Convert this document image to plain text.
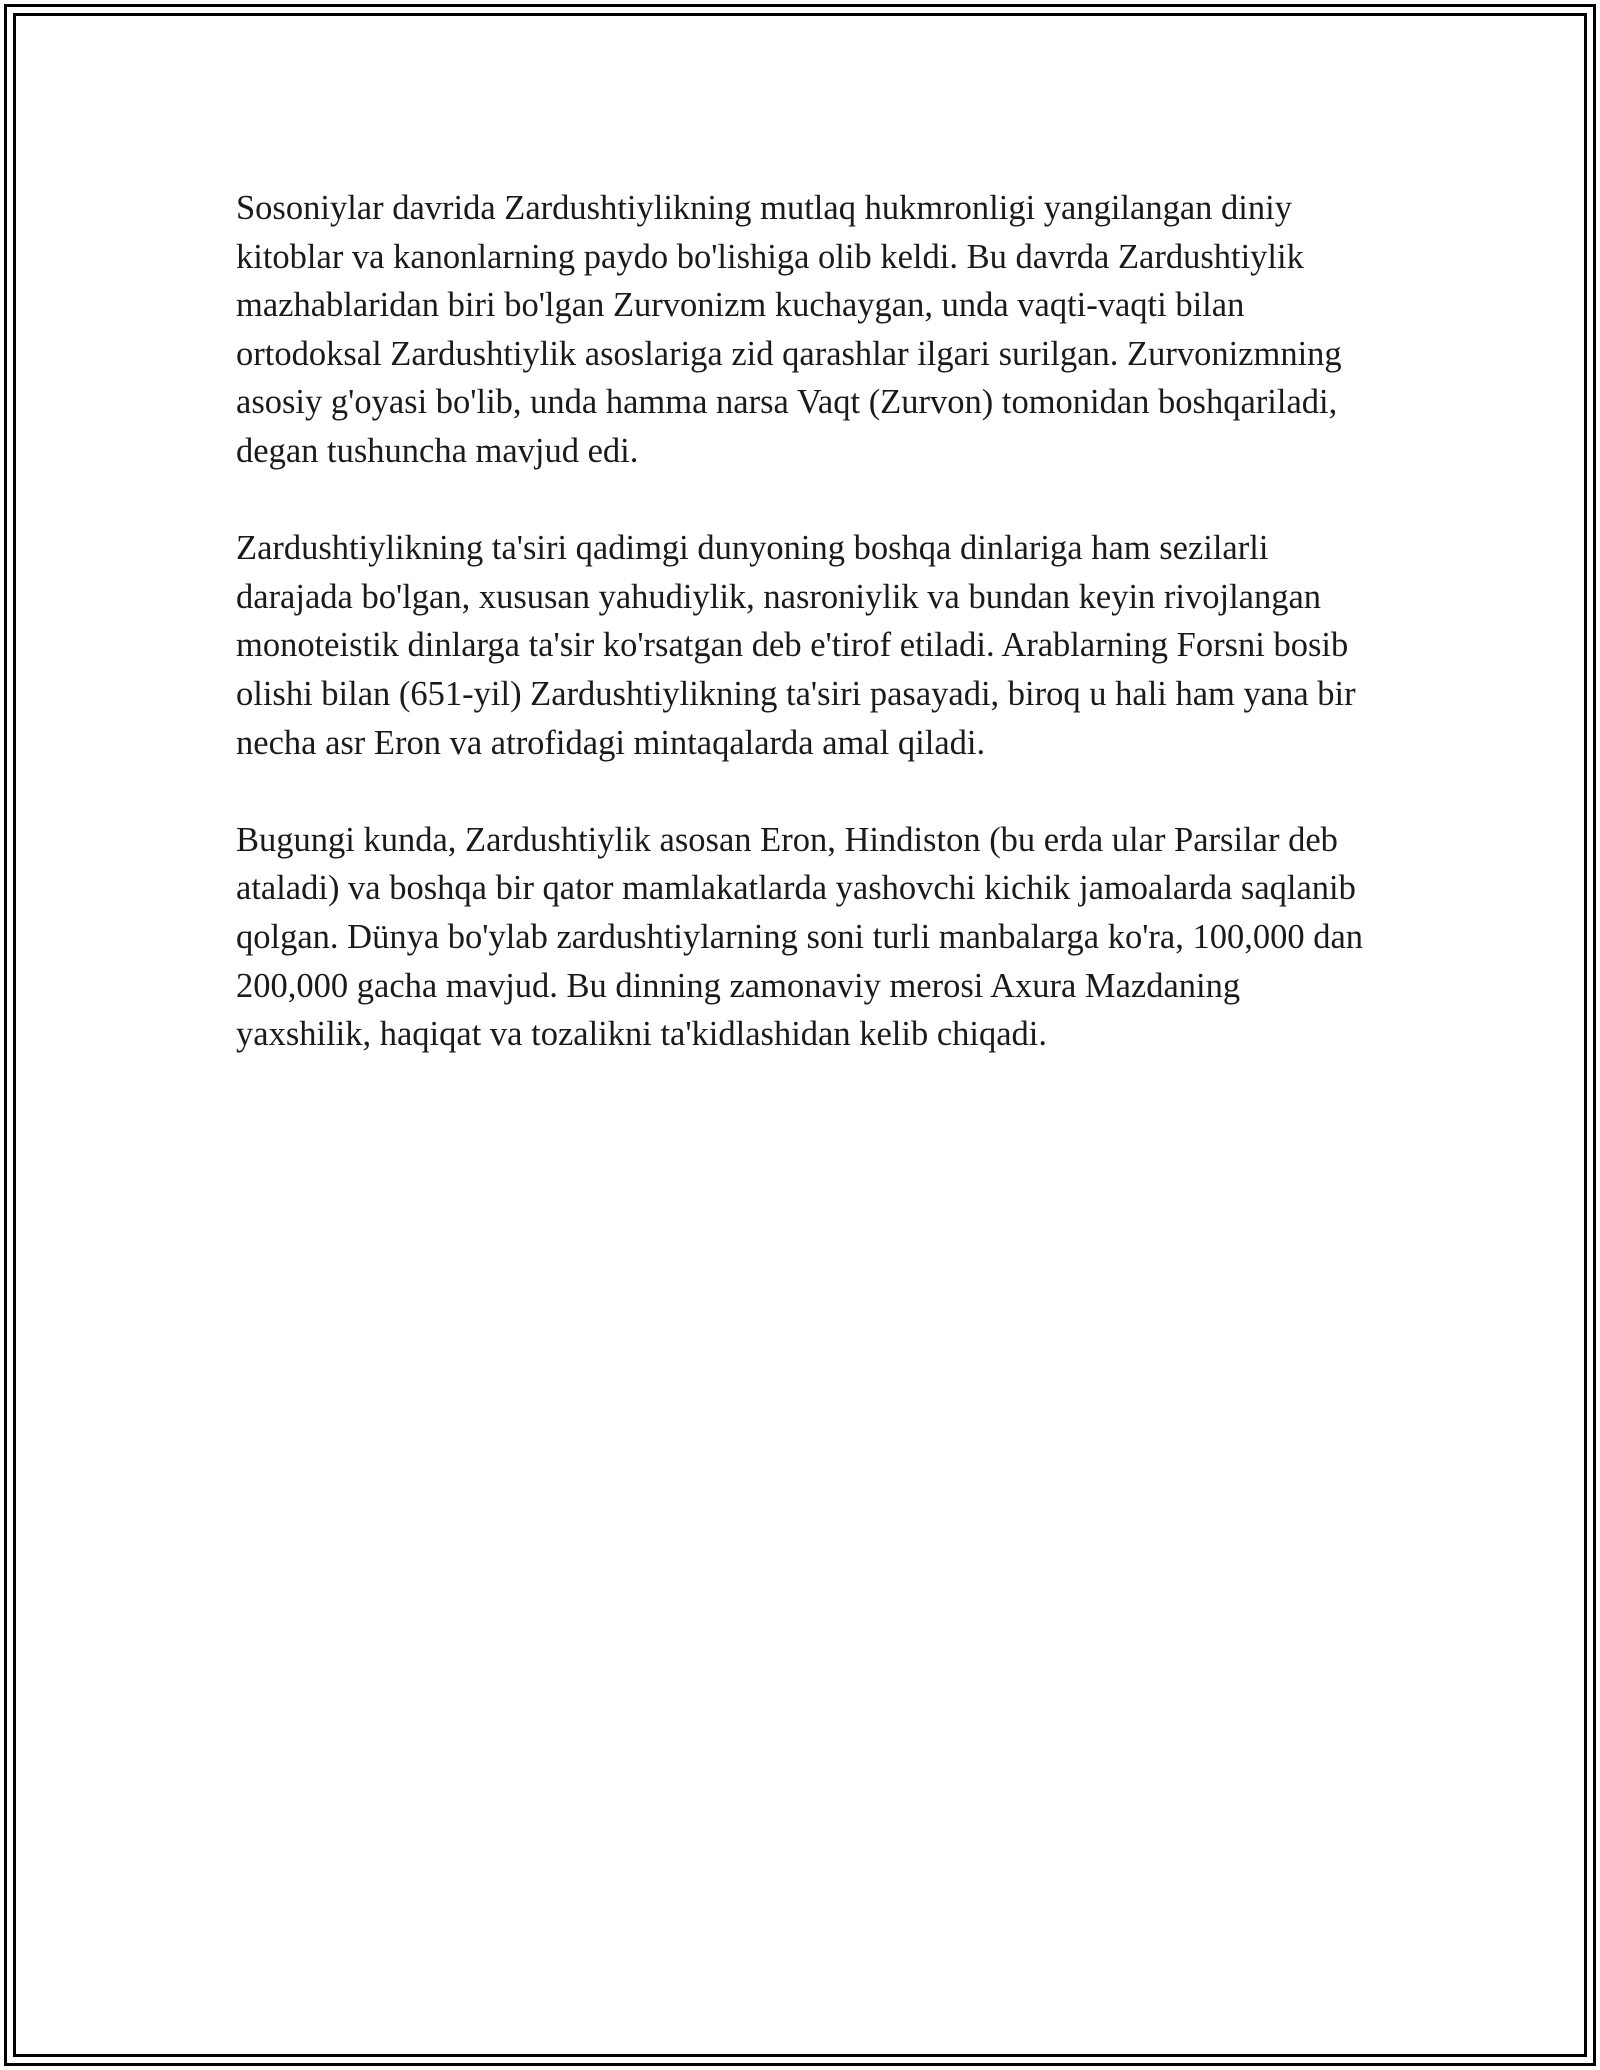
Sosoniylar davrida Zardushtiylikning mutlaq hukmronligi yangilangan diniy kitoblar va kanonlarning paydo bo'lishiga olib keldi. Bu davrda Zardushtiylik mazhablaridan biri bo'lgan Zurvonizm kuchaygan, unda vaqti-vaqti bilan ortodoksal Zardushtiylik asoslariga zid qarashlar ilgari surilgan. Zurvonizmning asosiy g'oyasi bo'lib, unda hamma narsa Vaqt (Zurvon) tomonidan boshqariladi, degan tushuncha mavjud edi.

Zardushtiylikning ta'siri qadimgi dunyoning boshqa dinlariga ham sezilarli darajada bo'lgan, xususan yahudiylik, nasroniylik va bundan keyin rivojlangan monoteistik dinlarga ta'sir ko'rsatgan deb e'tirof etiladi. Arablarning Forsni bosib olishi bilan (651-yil) Zardushtiylikning ta'siri pasayadi, biroq u hali ham yana bir necha asr Eron va atrofidagi mintaqalarda amal qiladi.

Bugungi kunda, Zardushtiylik asosan Eron, Hindiston (bu erda ular Parsilar deb ataladi) va boshqa bir qator mamlakatlarda yashovchi kichik jamoalarda saqlanib qolgan. Dünya bo'ylab zardushtiylarning soni turli manbalarga ko'ra, 100,000 dan 200,000 gacha mavjud. Bu dinning zamonaviy merosi Axura Mazdaning yaxshilik, haqiqat va tozalikni ta'kidlashidan kelib chiqadi.
